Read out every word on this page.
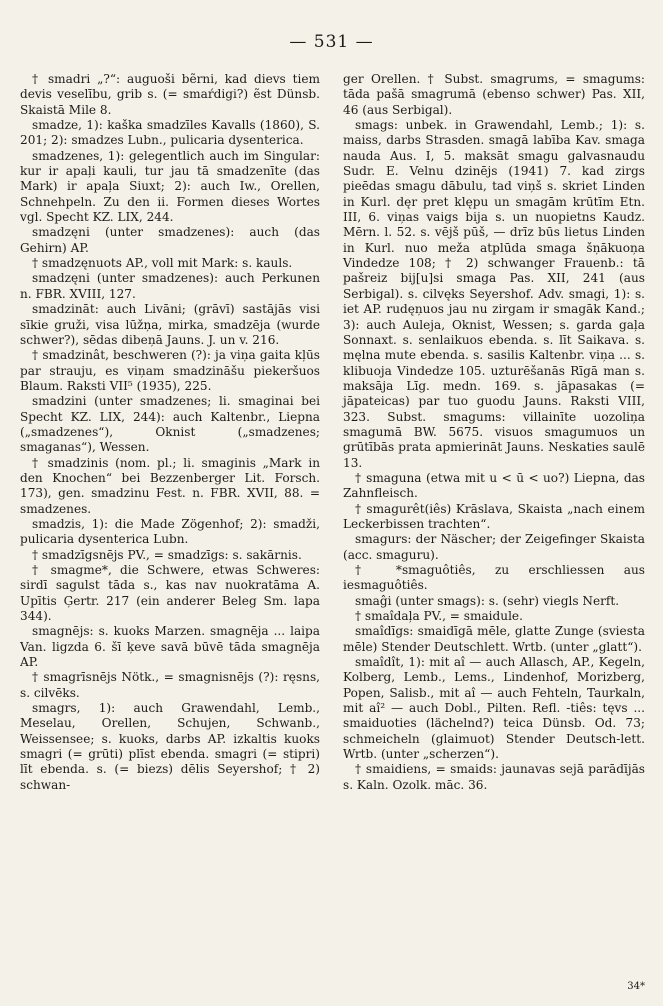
— 531 —

† smadri „?“: auguoši bẽrni, kad dievs tiem devis veselību, grib s. (= smaŕdigi?) ẽst Dünsb. Skaistā Mile 8.

smadze, 1): kaška smadzīles Kavalls (1860), S. 201; 2): smadzes Lubn., pulicaria dysenterica.

smadzenes, 1): gelegentlich auch im Singular: kur ir apaļi kauli, tur jau tā smadzenīte (das Mark) ir apaļa Siuxt; 2): auch Iw., Orellen, Schnehpeln. Zu den ii. Formen dieses Wortes vgl. Specht KZ. LIX, 244.

smadzęni (unter smadzenes): auch (das Gehirn) AP.

† smadzęnuots AP., voll mit Mark: s. kauls.

smadzęni (unter smadzenes): auch Perkunen n. FBR. XVIII, 127.

smadzināt: auch Livāni; (grāvī) sastājās visi sīkie gruži, visa lūžņa, mirka, smadzēja (wurde schwer?), sēdas dibeņā Jauns. J. un v. 216.

† smadzinât, beschweren (?): ja viņa gaita kļūs par strauju, es viņam smadzināšu piekeršuos Blaum. Raksti VII⁵ (1935), 225.

smadzini (unter smadzenes; li. smaginai bei Specht KZ. LIX, 244): auch Kaltenbr., Liepna („smadzenes“), Oknist („smadzenes; smaganas“), Wessen.

† smadzinis (nom. pl.; li. smaginis „Mark in den Knochen“ bei Bezzenberger Lit. Forsch. 173), gen. smadzinu Fest. n. FBR. XVII, 88. = smadzenes.

smadzis, 1): die Made Zögenhof; 2): smadži, pulicaria dysenterica Lubn.

† smadzīgsnējs PV., = smadzīgs: s. sakārnis.

† smagme*, die Schwere, etwas Schweres: sirdī sagulst tāda s., kas nav nuokratāma A. Upītis Ģertr. 217 (ein anderer Beleg Sm. lapa 344).

smagnējs: s. kuoks Marzen. smagnēja ... laipa Van. ligzda 6. šī ķeve savā būvē tāda smagnēja AP.

† smagrīsnējs Nötk., = smagnisnējs (?): ręsns, s. cilvēks.

smagrs, 1): auch Grawendahl, Lemb., Meselau, Orellen, Schujen, Schwanb., Weissensee; s. kuoks, darbs AP. izkaltis kuoks smagri (= grūti) plīst ebenda. smagri (= stipri) līt ebenda. s. (= biezs) dēlis Seyershof; † 2) schwan-

ger Orellen. † Subst. smagrums, = smagums: tāda pašā smagrumā (ebenso schwer) Pas. XII, 46 (aus Serbigal).

smags: unbek. in Grawendahl, Lemb.; 1): s. maiss, darbs Strasden. smagā labība Kav. smaga nauda Aus. I, 5. maksāt smagu galvasnaudu Sudr. E. Velnu dzinējs (1941) 7. kad zirgs pieēdas smagu dābulu, tad viņš s. skriet Linden in Kurl. dęr pret klępu un smagām krūtīm Etn. III, 6. viņas vaigs bija s. un nuopietns Kaudz. Mērn. l. 52. s. vējš pūš, — drīz būs lietus Linden in Kurl. nuo meža atplūda smaga šņākuoņa Vindedze 108; † 2) schwanger Frauenb.: tā pašreiz bij[u]si smaga Pas. XII, 241 (aus Serbigal). s. cilvęks Seyershof. Adv. smagi, 1): s. iet AP. rudęņuos jau nu zirgam ir smagāk Kand.; 3): auch Auleja, Oknist, Wessen; s. garda gaļa Sonnaxt. s. senlaikuos ebenda. s. līt Saikava. s. męlna mute ebenda. s. sasilis Kaltenbr. viņa ... s. klibuoja Vindedze 105. uzturēšanās Rīgā man s. maksāja Līg. medn. 169. s. jāpasakas (= jāpateicas) par tuo guodu Jauns. Raksti VIII, 323. Subst. smagums: villainīte uozoliņa smagumā BW. 5675. visuos smagumuos un grūtībās prata apmierināt Jauns. Neskaties saulē 13.

† smaguna (etwa mit u < ū < uo?) Liepna, das Zahnfleisch.

† smagurêt(iês) Krāslava, Skaista „nach einem Leckerbissen trachten“.

smagurs: der Näscher; der Zeigefinger Skaista (acc. smaguru).

† *smaguôtiês, zu erschliessen aus iesmaguôtiês.

smaĝi (unter smags): s. (sehr) viegls Nerft.

† smaîdaļa PV., = smaidule.

smaîdīgs: smaidīgā mēle, glatte Zunge (sviesta mēle) Stender Deutschlett. Wrtb. (unter „glatt“).

smaîdît, 1): mit aî — auch Allasch, AP., Kegeln, Kolberg, Lemb., Lems., Lindenhof, Morizberg, Popen, Salisb., mit aî — auch Fehteln, Taurkaln, mit aî² — auch Dobl., Pilten. Refl. -tiês: tęvs ... smaiduoties (lächelnd?) teica Dünsb. Od. 73; schmeicheln (glaimuot) Stender Deutsch-lett. Wrtb. (unter „scherzen“).

† smaidiens, = smaids: jaunavas sejā parādījās s. Kaln. Ozolk. māc. 36.

34*
